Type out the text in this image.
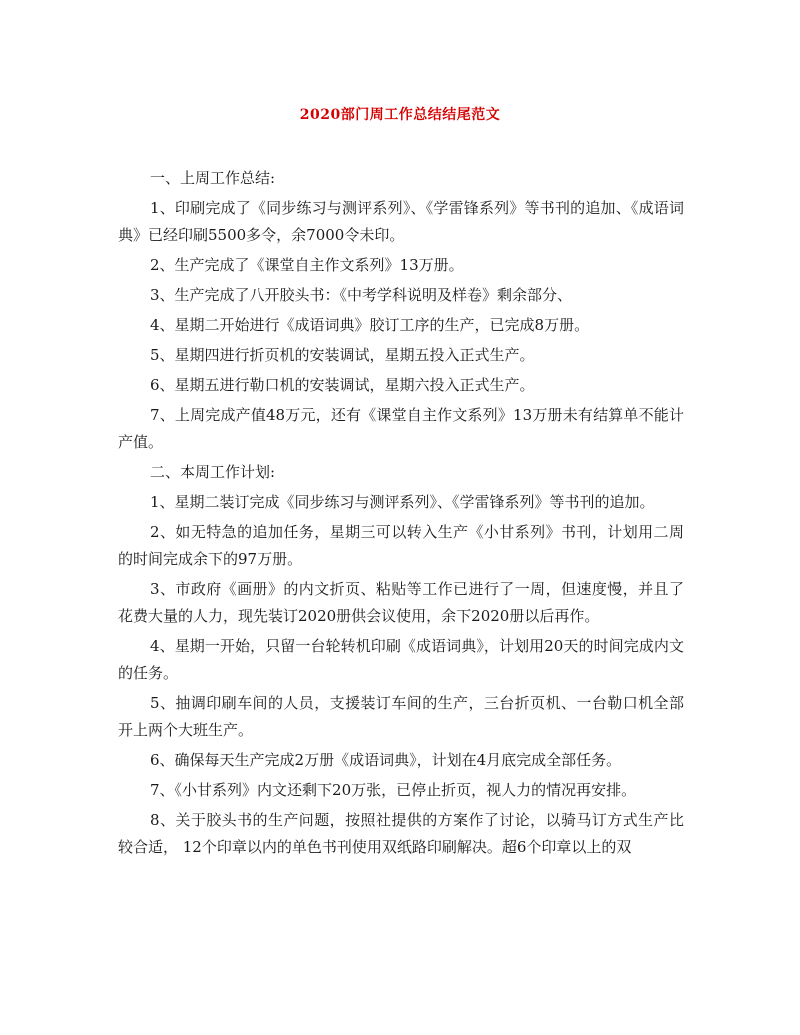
2020部门周工作总结结尾范文

一、上周工作总结:

1、印刷完成了《同步练习与测评系列》、《学雷锋系列》等书刊的追加、《成语词典》已经印刷5500多令，余7000令未印。

2、生产完成了《课堂自主作文系列》13万册。

3、生产完成了八开胶头书：《中考学科说明及样卷》剩余部分、

4、星期二开始进行《成语词典》胶订工序的生产，已完成8万册。

5、星期四进行折页机的安装调试，星期五投入正式生产。

6、星期五进行勒口机的安装调试，星期六投入正式生产。

7、上周完成产值48万元，还有《课堂自主作文系列》13万册未有结算单不能计产值。

二、本周工作计划:

1、星期二装订完成《同步练习与测评系列》、《学雷锋系列》等书刊的追加。

2、如无特急的追加任务，星期三可以转入生产《小甘系列》书刊，计划用二周的时间完成余下的97万册。

3、市政府《画册》的内文折页、粘贴等工作已进行了一周，但速度慢，并且了花费大量的人力，现先装订2020册供会议使用，余下2020册以后再作。

4、星期一开始，只留一台轮转机印刷《成语词典》，计划用20天的时间完成内文的任务。

5、抽调印刷车间的人员，支援装订车间的生产，三台折页机、一台勒口机全部开上两个大班生产。

6、确保每天生产完成2万册《成语词典》，计划在4月底完成全部任务。

7、《小甘系列》内文还剩下20万张，已停止折页，视人力的情况再安排。

8、关于胶头书的生产问题，按照社提供的方案作了讨论，以骑马订方式生产比较合适， 12个印章以内的单色书刊使用双纸路印刷解决。超6个印章以上的双
